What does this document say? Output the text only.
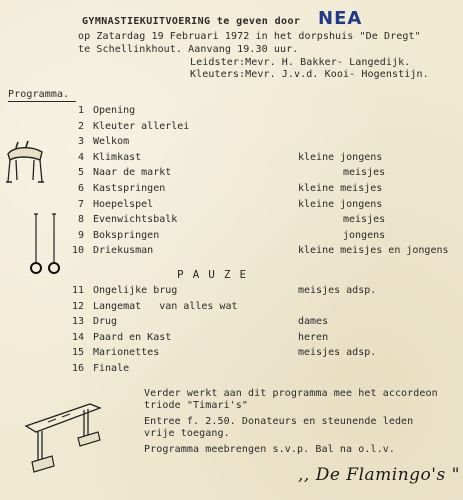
GYMNASTIEKUITVOERING te geven door NEA
op Zatardag 19 Februari 1972 in het dorpshuis "De Dregt"
te Schellinkhout. Aanvang 19.30 uur.
Leidster:Mevr. H. Bakker- Langedijk.
Kleuters:Mevr. J.v.d. Kooi- Hogenstijn.
Programma.
1 Opening
2 Kleuter allerlei
3 Welkom
4 Klimkast	kleine jongens
5 Naar de markt	meisjes
6 Kastspringen	kleine meisjes
7 Hoepelspel	kleine jongens
8 Evenwichtsbalk	meisjes
9 Bokspringen	jongens
10 Driekusman	kleine meisjes en jongens
PAUZE
11 Ongelijke brug	meisjes adsp.
12 Langemat   van alles wat
13 Drug	dames
14 Paard en Kast	heren
15 Marionettes	meisjes adsp.
16 Finale
Verder werkt aan dit programma mee het accordeon
triode "Timari's"
Entree f. 2.50. Donateurs en steunende leden
vrije toegang.
Programma meebrengen s.v.p. Bal na o.l.v.
,, De Flamingo's "
